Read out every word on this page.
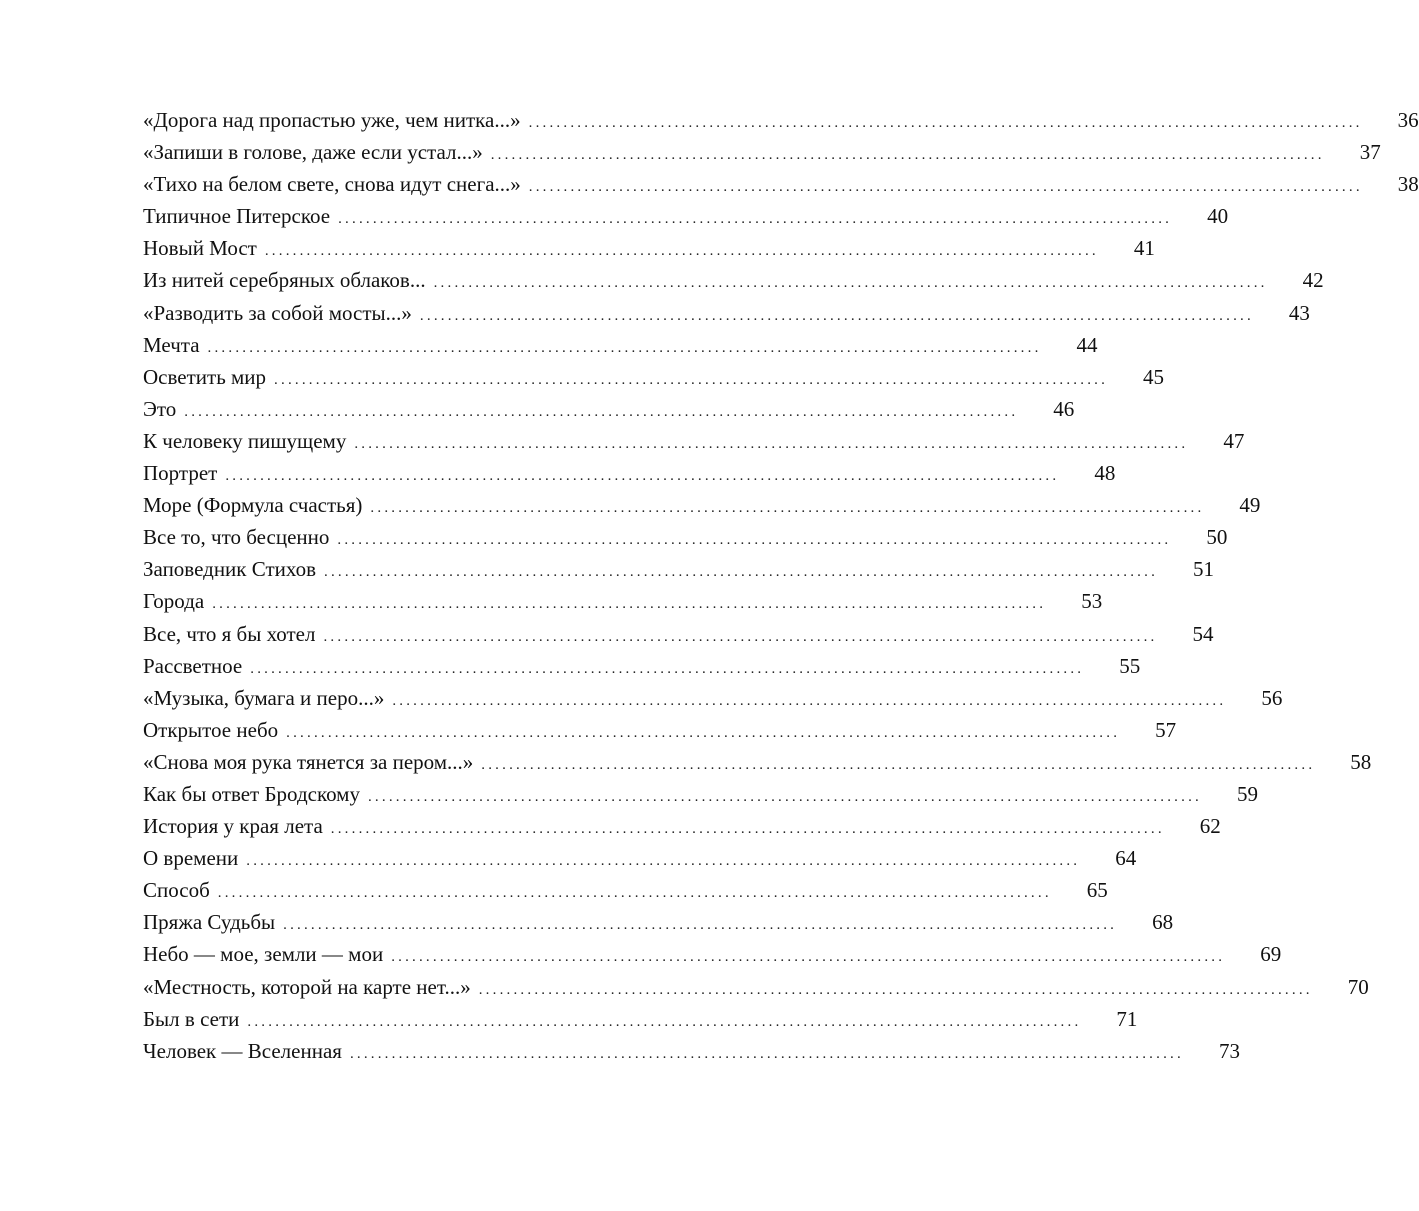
«Дорога над пропастью уже, чем нитка...» ........................................................................................................................	36
«Запиши в голове, даже если устал...» ........................................................................................................................	37
«Тихо на белом свете, снова идут снега...» ........................................................................................................................	38
Типичное Питерское ........................................................................................................................	40
Новый Мост ........................................................................................................................	41
Из нитей серебряных облаков... ........................................................................................................................	42
«Разводить за собой мосты...» ........................................................................................................................	43
Мечта ........................................................................................................................	44
Осветить мир ........................................................................................................................	45
Это ........................................................................................................................	46
К человеку пишущему ........................................................................................................................	47
Портрет ........................................................................................................................	48
Море (Формула счастья) ........................................................................................................................	49
Все то, что бесценно ........................................................................................................................	50
Заповедник Стихов ........................................................................................................................	51
Города ........................................................................................................................	53
Все, что я бы хотел ........................................................................................................................	54
Рассветное ........................................................................................................................	55
«Музыка, бумага и перо...» ........................................................................................................................	56
Открытое небо ........................................................................................................................	57
«Снова моя рука тянется за пером...» ........................................................................................................................	58
Как бы ответ Бродскому ........................................................................................................................	59
История у края лета ........................................................................................................................	62
О времени ........................................................................................................................	64
Способ ........................................................................................................................	65
Пряжа Судьбы ........................................................................................................................	68
Небо — мое, земли — мои ........................................................................................................................	69
«Местность, которой на карте нет...» ........................................................................................................................	70
Был в сети ........................................................................................................................	71
Человек — Вселенная ........................................................................................................................	73
